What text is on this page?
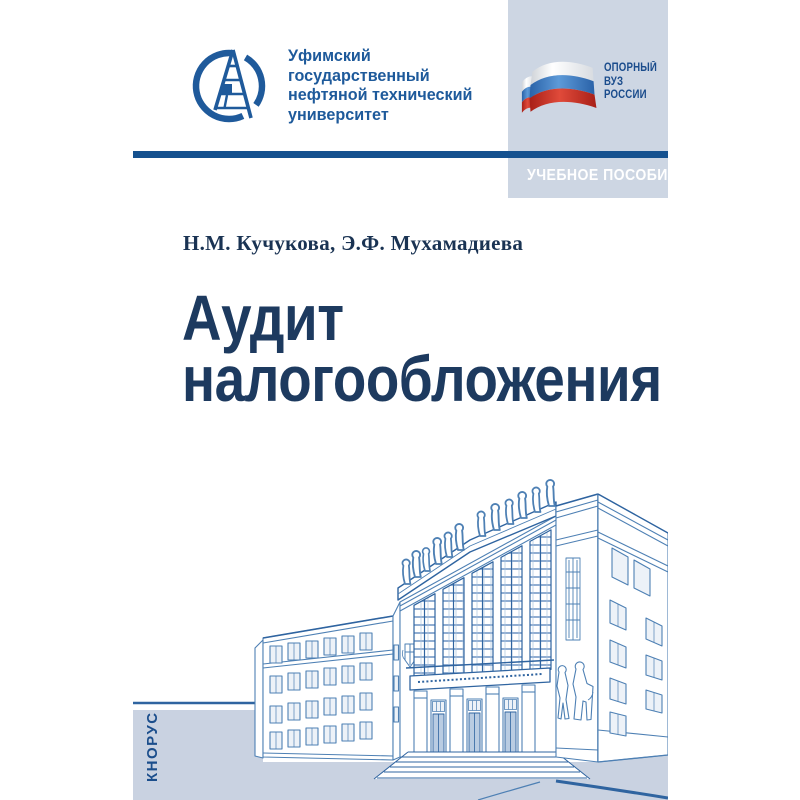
Уфимский
государственный
нефтяной технический
университет
ОПОРНЫЙ
ВУЗ
РОССИИ
УЧЕБНОЕ ПОСОБИЕ
Н.М. Кучукова, Э.Ф. Мухамадиева
Аудит
налогообложения
КНОРУС
